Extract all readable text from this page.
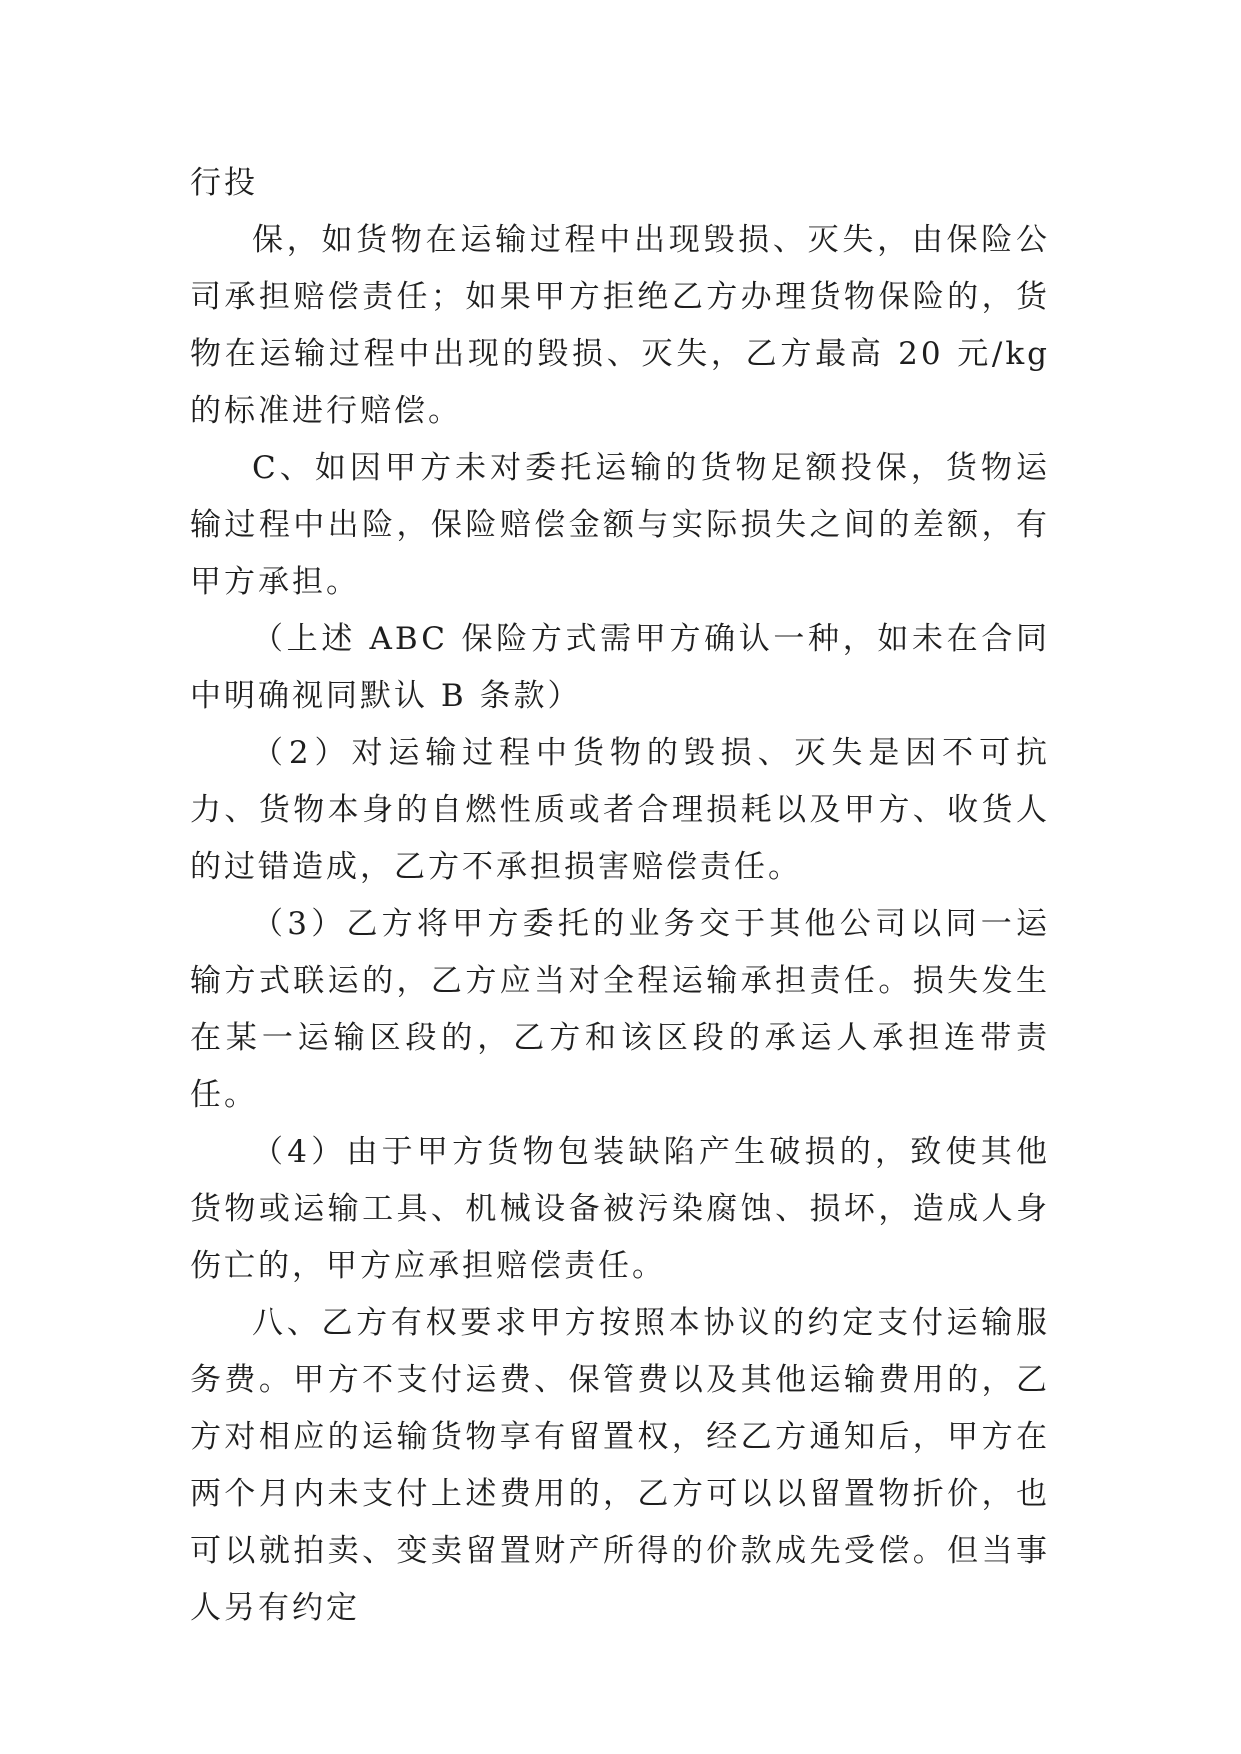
行投

保，如货物在运输过程中出现毁损、灭失，由保险公司承担赔偿责任；如果甲方拒绝乙方办理货物保险的，货物在运输过程中出现的毁损、灭失，乙方最高 20 元/kg 的标准进行赔偿。

C、如因甲方未对委托运输的货物足额投保，货物运输过程中出险，保险赔偿金额与实际损失之间的差额，有甲方承担。

（上述 ABC 保险方式需甲方确认一种，如未在合同中明确视同默认 B 条款）

（2）对运输过程中货物的毁损、灭失是因不可抗力、货物本身的自燃性质或者合理损耗以及甲方、收货人的过错造成，乙方不承担损害赔偿责任。

（3）乙方将甲方委托的业务交于其他公司以同一运输方式联运的，乙方应当对全程运输承担责任。损失发生在某一运输区段的，乙方和该区段的承运人承担连带责任。

（4）由于甲方货物包装缺陷产生破损的，致使其他货物或运输工具、机械设备被污染腐蚀、损坏，造成人身伤亡的，甲方应承担赔偿责任。

八、乙方有权要求甲方按照本协议的约定支付运输服务费。甲方不支付运费、保管费以及其他运输费用的，乙方对相应的运输货物享有留置权，经乙方通知后，甲方在两个月内未支付上述费用的，乙方可以以留置物折价，也可以就拍卖、变卖留置财产所得的价款成先受偿。但当事人另有约定
